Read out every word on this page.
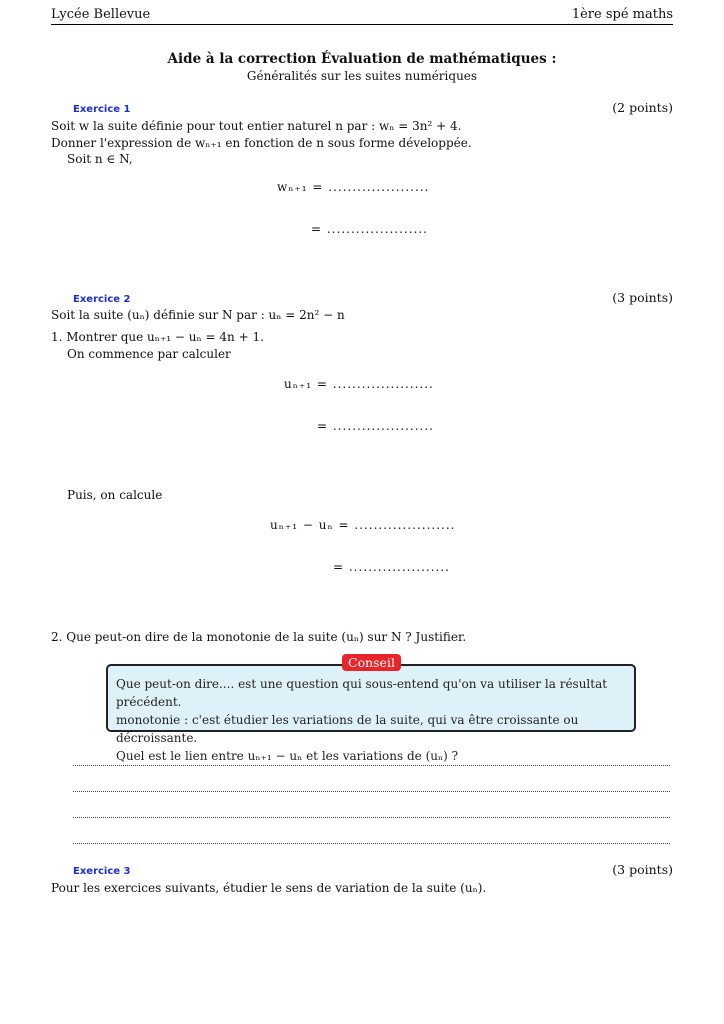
Lycée Bellevue	1ère spé maths
Aide à la correction Évaluation de mathématiques :
Généralités sur les suites numériques
Exercice 1	(2 points)
Soit w la suite définie pour tout entier naturel n par : wₙ = 3n² + 4.
Donner l'expression de wₙ₊₁ en fonction de n sous forme développée.
Soit n ∈ N,
wₙ₊₁ = .....................
= .....................
Exercice 2	(3 points)
Soit la suite (uₙ) définie sur N par : uₙ = 2n² − n
1. Montrer que uₙ₊₁ − uₙ = 4n + 1.
On commence par calculer
uₙ₊₁ = .....................
= .....................
Puis, on calcule
uₙ₊₁ − uₙ = .....................
= .....................
2. Que peut-on dire de la monotonie de la suite (uₙ) sur N ? Justifier.
Que peut-on dire.... est une question qui sous-entend qu'on va utiliser la résultat précédent.
monotonie : c'est étudier les variations de la suite, qui va être croissante ou décroissante.
Quel est le lien entre uₙ₊₁ − uₙ et les variations de (uₙ) ?
Conseil
Exercice 3	(3 points)
Pour les exercices suivants, étudier le sens de variation de la suite (uₙ).
